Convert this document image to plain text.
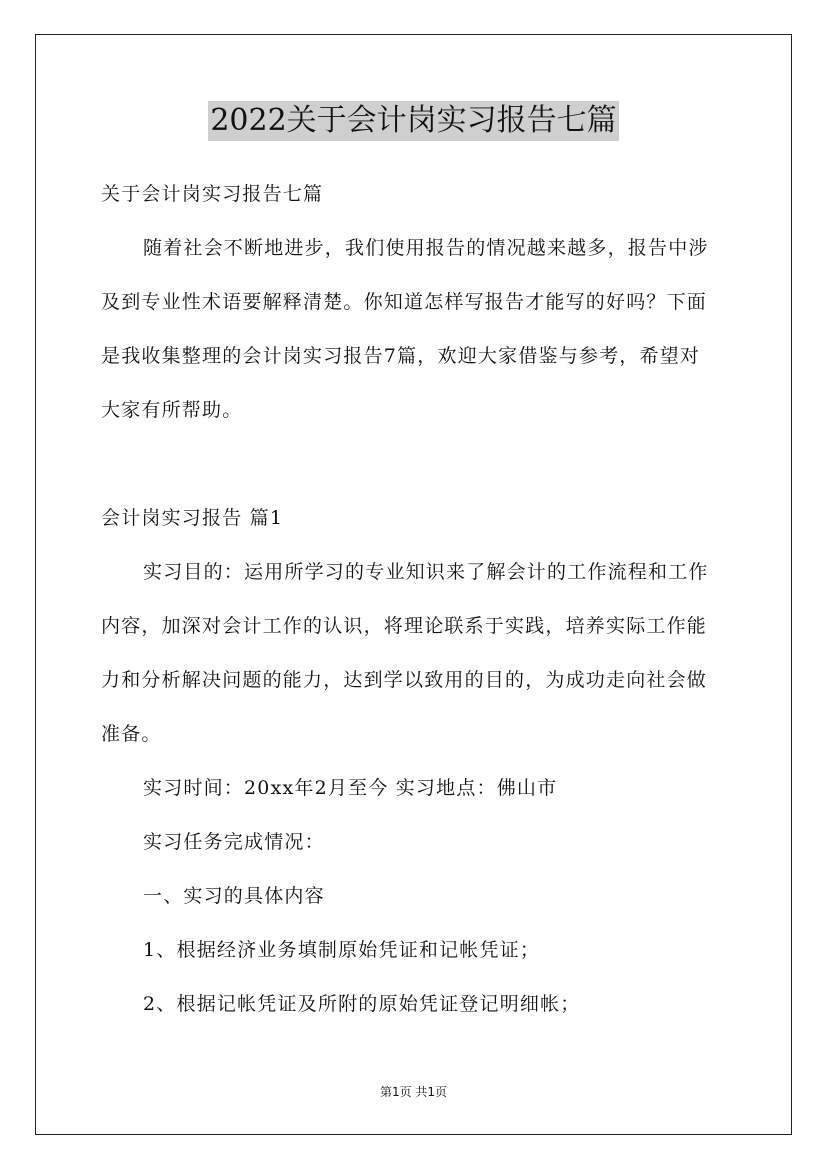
2022关于会计岗实习报告七篇
关于会计岗实习报告七篇
随着社会不断地进步，我们使用报告的情况越来越多，报告中涉
及到专业性术语要解释清楚。你知道怎样写报告才能写的好吗？下面
是我收集整理的会计岗实习报告7篇，欢迎大家借鉴与参考，希望对
大家有所帮助。
会计岗实习报告 篇1
实习目的：运用所学习的专业知识来了解会计的工作流程和工作
内容，加深对会计工作的认识，将理论联系于实践，培养实际工作能
力和分析解决问题的能力，达到学以致用的目的，为成功走向社会做
准备。
实习时间：20xx年2月至今 实习地点：佛山市
实习任务完成情况：
一、实习的具体内容
1、根据经济业务填制原始凭证和记帐凭证；
2、根据记帐凭证及所附的原始凭证登记明细帐；
第1页 共1页
